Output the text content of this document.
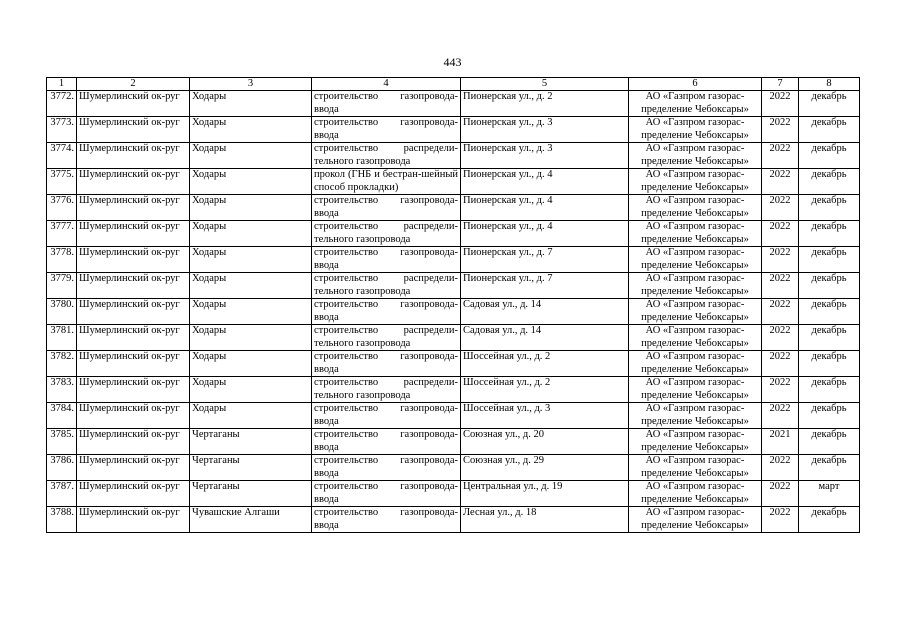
443
1	2	3	4	5	6	7	8
3772.	Шумерлинский ок-руг	Ходары	строительство газопровода-ввода	Пионерская ул., д. 2	АО «Газпром газорас-пределение Чебоксары»	2022	декабрь
3773.	Шумерлинский ок-руг	Ходары	строительство газопровода-ввода	Пионерская ул., д. 3	АО «Газпром газорас-пределение Чебоксары»	2022	декабрь
3774.	Шумерлинский ок-руг	Ходары	строительство распредели-тельного газопровода	Пионерская ул., д. 3	АО «Газпром газорас-пределение Чебоксары»	2022	декабрь
3775.	Шумерлинский ок-руг	Ходары	прокол (ГНБ и бестран-шейный способ прокладки)	Пионерская ул., д. 4	АО «Газпром газорас-пределение Чебоксары»	2022	декабрь
3776.	Шумерлинский ок-руг	Ходары	строительство газопровода-ввода	Пионерская ул., д. 4	АО «Газпром газорас-пределение Чебоксары»	2022	декабрь
3777.	Шумерлинский ок-руг	Ходары	строительство распредели-тельного газопровода	Пионерская ул., д. 4	АО «Газпром газорас-пределение Чебоксары»	2022	декабрь
3778.	Шумерлинский ок-руг	Ходары	строительство газопровода-ввода	Пионерская ул., д. 7	АО «Газпром газорас-пределение Чебоксары»	2022	декабрь
3779.	Шумерлинский ок-руг	Ходары	строительство распредели-тельного газопровода	Пионерская ул., д. 7	АО «Газпром газорас-пределение Чебоксары»	2022	декабрь
3780.	Шумерлинский ок-руг	Ходары	строительство газопровода-ввода	Садовая ул., д. 14	АО «Газпром газорас-пределение Чебоксары»	2022	декабрь
3781.	Шумерлинский ок-руг	Ходары	строительство распредели-тельного газопровода	Садовая ул., д. 14	АО «Газпром газорас-пределение Чебоксары»	2022	декабрь
3782.	Шумерлинский ок-руг	Ходары	строительство газопровода-ввода	Шоссейная ул., д. 2	АО «Газпром газорас-пределение Чебоксары»	2022	декабрь
3783.	Шумерлинский ок-руг	Ходары	строительство распредели-тельного газопровода	Шоссейная ул., д. 2	АО «Газпром газорас-пределение Чебоксары»	2022	декабрь
3784.	Шумерлинский ок-руг	Ходары	строительство газопровода-ввода	Шоссейная ул., д. 3	АО «Газпром газорас-пределение Чебоксары»	2022	декабрь
3785.	Шумерлинский ок-руг	Чертаганы	строительство газопровода-ввода	Союзная ул., д. 20	АО «Газпром газорас-пределение Чебоксары»	2021	декабрь
3786.	Шумерлинский ок-руг	Чертаганы	строительство газопровода-ввода	Союзная ул., д. 29	АО «Газпром газорас-пределение Чебоксары»	2022	декабрь
3787.	Шумерлинский ок-руг	Чертаганы	строительство газопровода-ввода	Центральная ул., д. 19	АО «Газпром газорас-пределение Чебоксары»	2022	март
3788.	Шумерлинский ок-руг	Чувашские Алгаши	строительство газопровода-ввода	Лесная ул., д. 18	АО «Газпром газорас-пределение Чебоксары»	2022	декабрь
